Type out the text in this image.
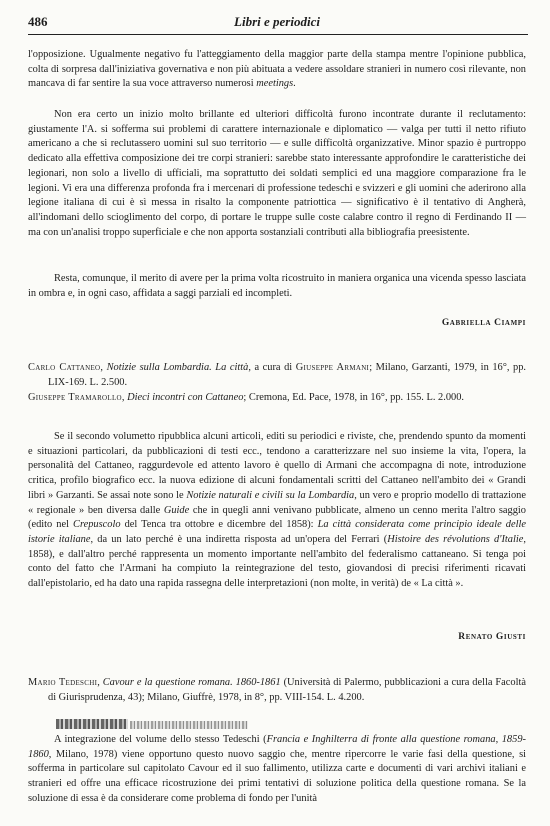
486	Libri e periodici

l'opposizione. Ugualmente negativo fu l'atteggiamento della maggior parte della stampa mentre l'opinione pubblica, colta di sorpresa dall'iniziativa governativa e non più abituata a vedere assoldare stranieri in numero così rilevante, non mancava di far sentire la sua voce attraverso numerosi meetings.

Non era certo un inizio molto brillante ed ulteriori difficoltà furono incontrate durante il reclutamento: giustamente l'A. si sofferma sui problemi di carattere internazionale e diplomatico — valga per tutti il netto rifiuto americano a che si reclutassero uomini sul suo territorio — e sulle difficoltà organizzative. Minor spazio è purtroppo dedicato alla effettiva composizione dei tre corpi stranieri: sarebbe stato interessante approfondire le caratteristiche dei legionari, non solo a livello di ufficiali, ma soprattutto dei soldati semplici ed una maggiore comparazione fra le legioni. Vi era una differenza profonda fra i mercenari di professione tedeschi e svizzeri e gli uomini che aderirono alla legione italiana di cui è sì messa in risalto la componente patriottica — significativo è il tentativo di Angherà, all'indomani dello scioglimento del corpo, di portare le truppe sulle coste calabre contro il regno di Ferdinando II — ma con un'analisi troppo superficiale e che non apporta sostanziali contributi alla bibliografia preesistente.

Resta, comunque, il merito di avere per la prima volta ricostruito in maniera organica una vicenda spesso lasciata in ombra e, in ogni caso, affidata a saggi parziali ed incompleti.

Gabriella Ciampi

Carlo Cattaneo, Notizie sulla Lombardia. La città, a cura di Giuseppe Armani; Milano, Garzanti, 1979, in 16°, pp. LIX-169. L. 2.500.

Giuseppe Tramarollo, Dieci incontri con Cattaneo; Cremona, Ed. Pace, 1978, in 16°, pp. 155. L. 2.000.

Se il secondo volumetto ripubblica alcuni articoli, editi su periodici e riviste, che, prendendo spunto da momenti e situazioni particolari, da pubblicazioni di testi ecc., tendono a caratterizzare nel suo insieme la vita, l'opera, la personalità del Cattaneo, raggurdevole ed attento lavoro è quello di Armani che accompagna di note, introduzione critica, profilo biografico ecc. la nuova edizione di alcuni fondamentali scritti del Cattaneo nell'ambito dei « Grandi libri » Garzanti. Se assai note sono le Notizie naturali e civili su la Lombardia, un vero e proprio modello di trattazione « regionale » ben diversa dalle Guide che in quegli anni venivano pubblicate, almeno un cenno merita l'altro saggio (edito nel Crepuscolo del Tenca tra ottobre e dicembre del 1858): La città considerata come principio ideale delle istorie italiane, da un lato perché è una indiretta risposta ad un'opera del Ferrari (Histoire des révolutions d'Italie, 1858), e dall'altro perché rappresenta un momento importante nell'ambito del federalismo cattaneano. Si tenga poi conto del fatto che l'Armani ha compiuto la reintegrazione del testo, giovandosi di precisi riferimenti ricavati dall'epistolario, ed ha dato una rapida rassegna delle interpretazioni (non molte, in verità) de « La città ».

Renato Giusti

Mario Tedeschi, Cavour e la questione romana. 1860-1861 (Università di Palermo, pubblicazioni a cura della Facoltà di Giurisprudenza, 43); Milano, Giuffrè, 1978, in 8°, pp. VIII-154. L. 4.200.

A integrazione del volume dello stesso Tedeschi (Francia e Inghilterra di fronte alla questione romana, 1859-1860, Milano, 1978) viene opportuno questo nuovo saggio che, mentre ripercorre le varie fasi della questione, si sofferma in particolare sul capitolato Cavour ed il suo fallimento, utilizza carte e documenti di vari archivi italiani e stranieri ed offre una efficace ricostruzione dei primi tentativi di soluzione politica della questione romana. Se la soluzione di essa è da considerare come problema di fondo per l'unità
